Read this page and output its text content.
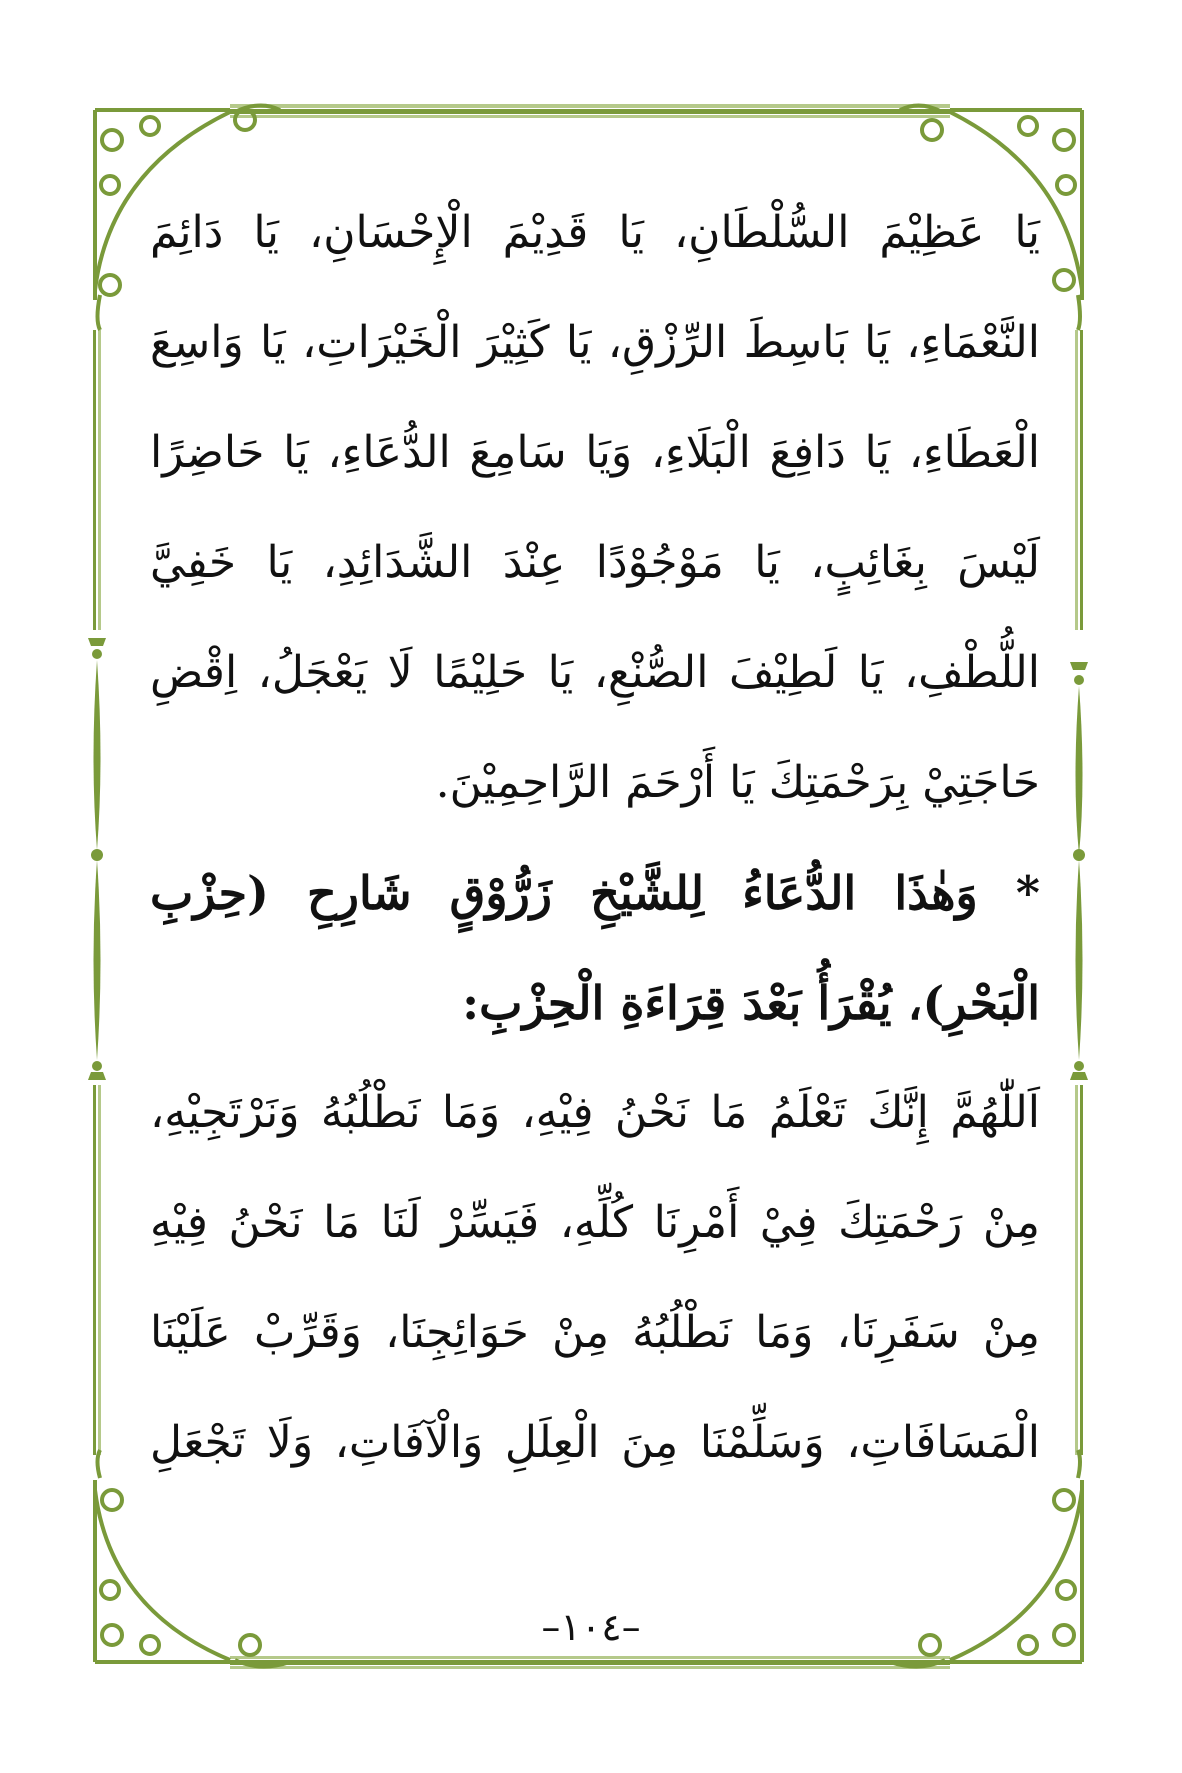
يَا عَظِيْمَ السُّلْطَانِ، يَا قَدِيْمَ الْإِحْسَانِ، يَا دَائِمَ
النَّعْمَاءِ، يَا بَاسِطَ الرِّزْقِ، يَا كَثِيْرَ الْخَيْرَاتِ، يَا وَاسِعَ
الْعَطَاءِ، يَا دَافِعَ الْبَلَاءِ، وَيَا سَامِعَ الدُّعَاءِ، يَا حَاضِرًا
لَيْسَ بِغَائِبٍ، يَا مَوْجُوْدًا عِنْدَ الشَّدَائِدِ، يَا خَفِيَّ
اللُّطْفِ، يَا لَطِيْفَ الصُّنْعِ، يَا حَلِيْمًا لَا يَعْجَلُ، اِقْضِ
حَاجَتِيْ بِرَحْمَتِكَ يَا أَرْحَمَ الرَّاحِمِيْنَ.
* وَهٰذَا الدُّعَاءُ لِلشَّيْخِ زَرُّوْقٍ شَارِحِ (حِزْبِ
الْبَحْرِ)، يُقْرَأُ بَعْدَ قِرَاءَةِ الْحِزْبِ:
اَللّٰهُمَّ إِنَّكَ تَعْلَمُ مَا نَحْنُ فِيْهِ، وَمَا نَطْلُبُهُ وَنَرْتَجِيْهِ،
مِنْ رَحْمَتِكَ فِيْ أَمْرِنَا كُلِّهِ، فَيَسِّرْ لَنَا مَا نَحْنُ فِيْهِ
مِنْ سَفَرِنَا، وَمَا نَطْلُبُهُ مِنْ حَوَائِجِنَا، وَقَرِّبْ عَلَيْنَا
الْمَسَافَاتِ، وَسَلِّمْنَا مِنَ الْعِلَلِ وَالْآفَاتِ، وَلَا تَجْعَلِ
–١٠٤–
